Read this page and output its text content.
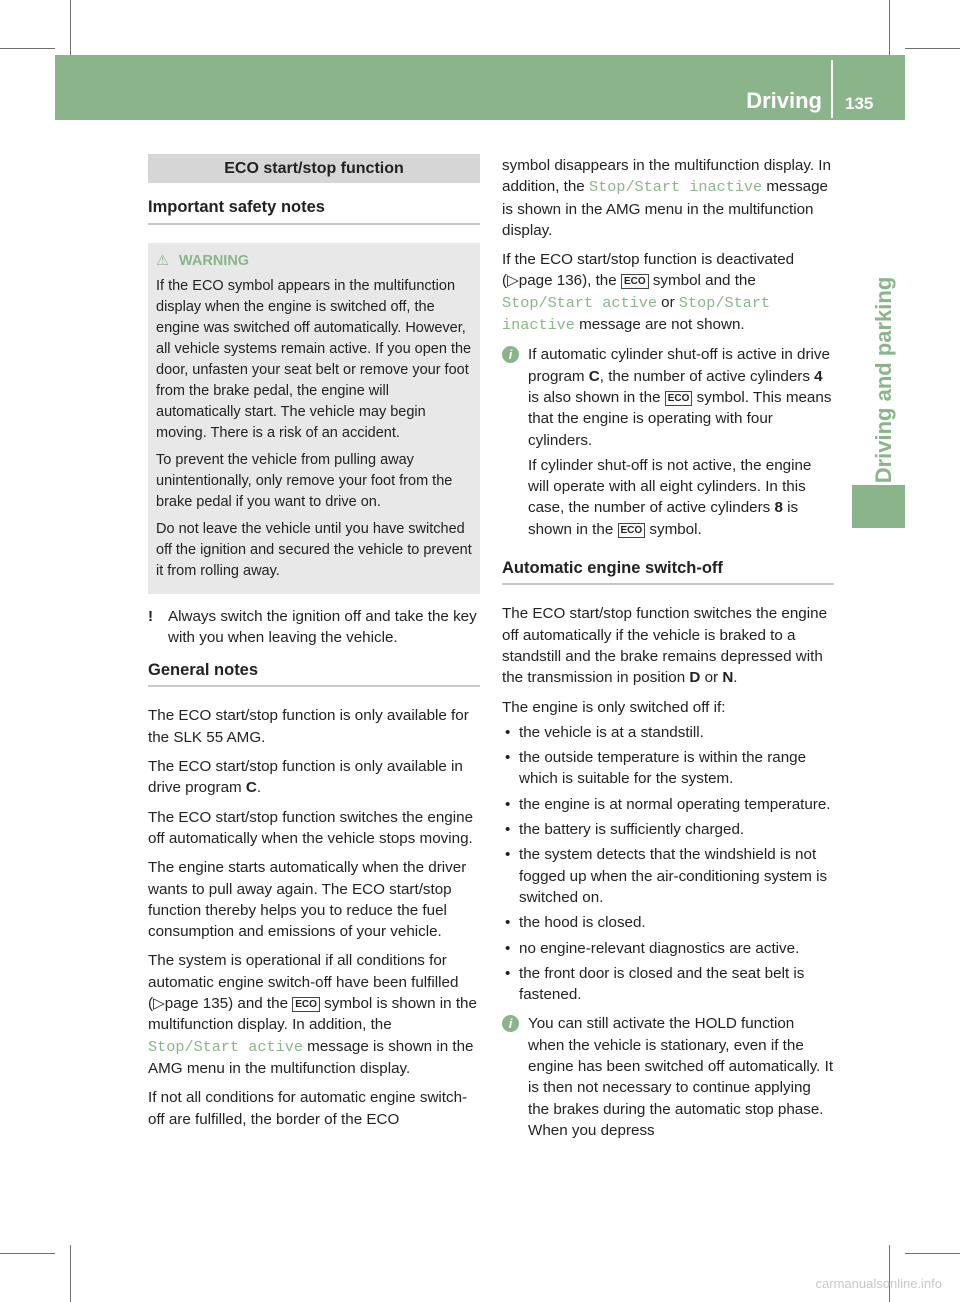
Driving 135
Driving and parking
ECO start/stop function
Important safety notes
⚠ WARNING

If the ECO symbol appears in the multifunction display when the engine is switched off, the engine was switched off automatically. However, all vehicle systems remain active. If you open the door, unfasten your seat belt or remove your foot from the brake pedal, the engine will automatically start. The vehicle may begin moving. There is a risk of an accident.

To prevent the vehicle from pulling away unintentionally, only remove your foot from the brake pedal if you want to drive on.

Do not leave the vehicle until you have switched off the ignition and secured the vehicle to prevent it from rolling away.

! Always switch the ignition off and take the key with you when leaving the vehicle.
General notes

The ECO start/stop function is only available for the SLK 55 AMG.

The ECO start/stop function is only available in drive program C.

The ECO start/stop function switches the engine off automatically when the vehicle stops moving.

The engine starts automatically when the driver wants to pull away again. The ECO start/stop function thereby helps you to reduce the fuel consumption and emissions of your vehicle.

The system is operational if all conditions for automatic engine switch-off have been fulfilled (▷page 135) and the ECO symbol is shown in the multifunction display. In addition, the Stop/Start active message is shown in the AMG menu in the multifunction display.

If not all conditions for automatic engine switch-off are fulfilled, the border of the ECO

symbol disappears in the multifunction display. In addition, the Stop/Start inactive message is shown in the AMG menu in the multifunction display.

If the ECO start/stop function is deactivated (▷page 136), the ECO symbol and the Stop/Start active or Stop/Start inactive message are not shown.

i	If automatic cylinder shut-off is active in drive program C, the number of active cylinders 4 is also shown in the ECO symbol. This means that the engine is operating with four cylinders.

If cylinder shut-off is not active, the engine will operate with all eight cylinders. In this case, the number of active cylinders 8 is shown in the ECO symbol.

Automatic engine switch-off

The ECO start/stop function switches the engine off automatically if the vehicle is braked to a standstill and the brake remains depressed with the transmission in position D or N.

The engine is only switched off if:

• the vehicle is at a standstill.
• the outside temperature is within the range which is suitable for the system.
• the engine is at normal operating temperature.
• the battery is sufficiently charged.
• the system detects that the windshield is not fogged up when the air-conditioning system is switched on.
• the hood is closed.
• no engine-relevant diagnostics are active.
• the front door is closed and the seat belt is fastened.
i	You can still activate the HOLD function when the vehicle is stationary, even if the engine has been switched off automatically. It is then not necessary to continue applying the brakes during the automatic stop phase. When you depress

carmanualsonline.info
